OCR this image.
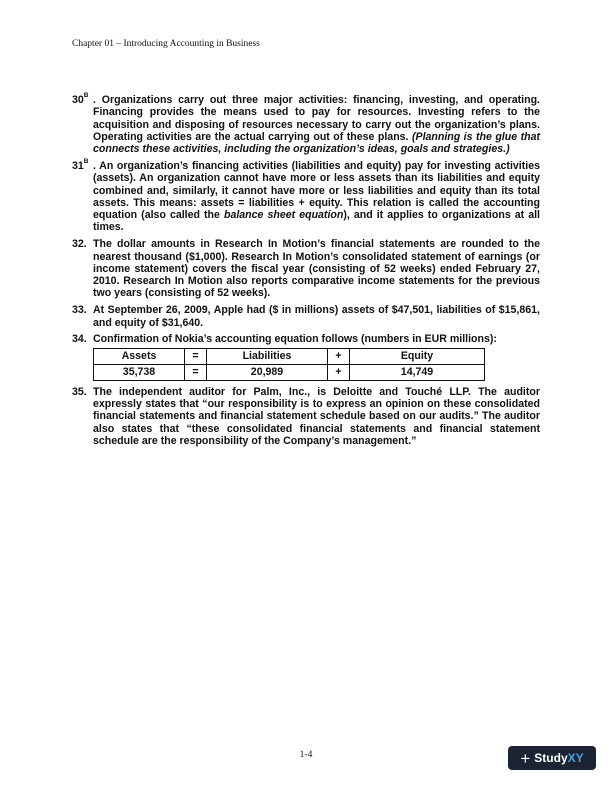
Chapter 01 – Introducing Accounting in Business
$30^B$ . Organizations carry out three major activities: financing, investing, and operating. Financing provides the means used to pay for resources. Investing refers to the acquisition and disposing of resources necessary to carry out the organization’s plans. Operating activities are the actual carrying out of these plans. (Planning is the glue that connects these activities, including the organization’s ideas, goals and strategies.)
$31^B$ . An organization’s financing activities (liabilities and equity) pay for investing activities (assets). An organization cannot have more or less assets than its liabilities and equity combined and, similarly, it cannot have more or less liabilities and equity than its total assets. This means: assets = liabilities + equity. This relation is called the accounting equation (also called the balance sheet equation), and it applies to organizations at all times.
32. The dollar amounts in Research In Motion’s financial statements are rounded to the nearest thousand ($1,000). Research In Motion’s consolidated statement of earnings (or income statement) covers the fiscal year (consisting of 52 weeks) ended February 27, 2010. Research In Motion also reports comparative income statements for the previous two years (consisting of 52 weeks).
33. At September 26, 2009, Apple had ($ in millions) assets of $47,501, liabilities of $15,861, and equity of $31,640.
34. Confirmation of Nokia’s accounting equation follows (numbers in EUR millions):
Assets	=	Liabilities	+	Equity
35,738	=	20,989	+	14,749
35. The independent auditor for Palm, Inc., is Deloitte and Touché LLP. The auditor expressly states that “our responsibility is to express an opinion on these consolidated financial statements and financial statement schedule based on our audits.” The auditor also states that “these consolidated financial statements and financial statement schedule are the responsibility of the Company’s management.”
1-4	+ Study XY
